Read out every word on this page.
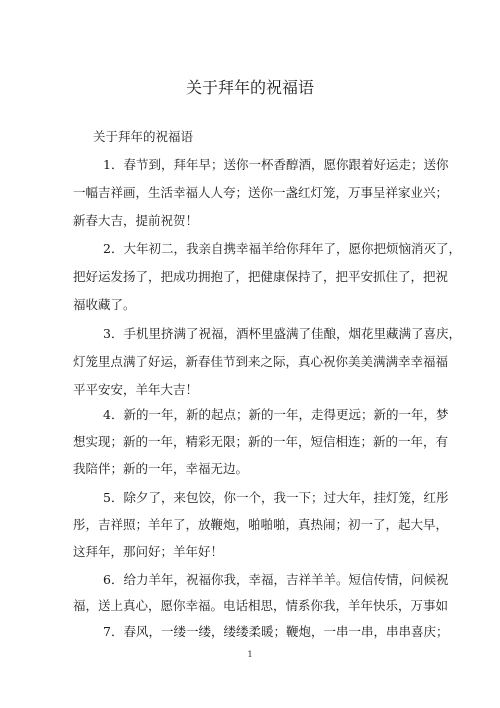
关于拜年的祝福语
关于拜年的祝福语
1．春节到，拜年早；送你一杯香醇酒，愿你跟着好运走；送你
一幅吉祥画，生活幸福人人夸；送你一盏红灯笼，万事呈祥家业兴；
新春大吉，提前祝贺！
2．大年初二，我亲自携幸福羊给你拜年了，愿你把烦恼消灭了，
把好运发扬了，把成功拥抱了，把健康保持了，把平安抓住了，把祝
福收藏了。
3．手机里挤满了祝福，酒杯里盛满了佳酿，烟花里藏满了喜庆，
灯笼里点满了好运，新春佳节到来之际，真心祝你美美满满幸幸福福
平平安安，羊年大吉！
4．新的一年，新的起点；新的一年，走得更远；新的一年，梦
想实现；新的一年，精彩无限；新的一年，短信相连；新的一年，有
我陪伴；新的一年，幸福无边。
5．除夕了，来包饺，你一个，我一下；过大年，挂灯笼，红彤
彤，吉祥照；羊年了，放鞭炮，啪啪啪，真热闹；初一了，起大早，
这拜年，那问好；羊年好！
6．给力羊年，祝福你我，幸福，吉祥羊羊。短信传情，问候祝
福，送上真心，愿你幸福。电话相思，情系你我，羊年快乐，万事如
7．春风，一缕一缕，缕缕柔暖；鞭炮，一串一串，串串喜庆；
1
